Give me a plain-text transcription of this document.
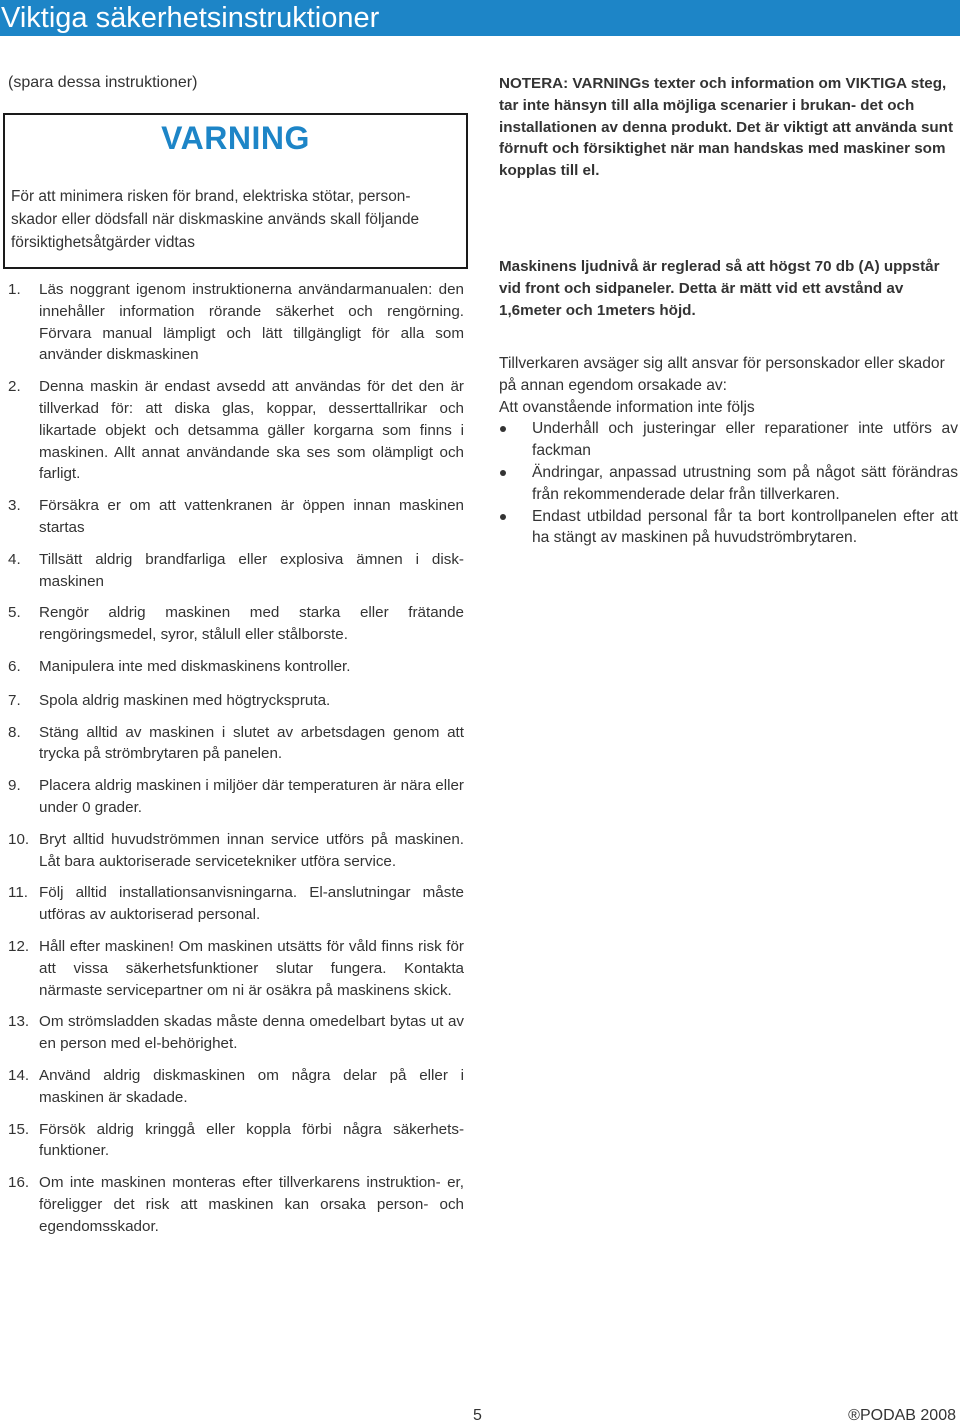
Viktiga säkerhetsinstruktioner
(spara dessa instruktioner)
VARNING
För att minimera risken för brand, elektriska stötar, person- skador eller dödsfall när diskmaskine används skall följande försiktighetsåtgärder vidtas
1. Läs noggrant igenom instruktionerna användarmanualen: den innehåller information rörande säkerhet och rengörning. Förvara manual lämpligt och lätt tillgängligt för alla som använder diskmaskinen
2. Denna maskin är endast avsedd att användas för det den är tillverkad för: att diska glas, koppar, desserttallrikar och likartade objekt och detsamma gäller korgarna som finns i maskinen. Allt annat användande ska ses som olämpligt och farligt.
3. Försäkra er om att vattenkranen är öppen innan maskinen startas
4. Tillsätt aldrig brandfarliga eller explosiva ämnen i disk- maskinen
5. Rengör aldrig maskinen med starka eller frätande rengöringsmedel, syror, stålull eller stålborste.
6. Manipulera inte med diskmaskinens kontroller.
7. Spola aldrig maskinen med högtryckspruta.
8. Stäng alltid av maskinen i slutet av arbetsdagen genom att trycka på strömbrytaren på panelen.
9. Placera aldrig maskinen i miljöer där temperaturen är nära eller under 0 grader.
10. Bryt alltid huvudströmmen innan service utförs på maskinen. Låt bara auktoriserade servicetekniker utföra service.
11. Följ alltid installationsanvisningarna. El-anslutningar måste utföras av auktoriserad personal.
12. Håll efter maskinen! Om maskinen utsätts för våld finns risk för att vissa säkerhetsfunktioner slutar fungera. Kontakta närmaste servicepartner om ni är osäkra på maskinens skick.
13. Om strömsladden skadas måste denna omedelbart bytas ut av en person med el-behörighet.
14. Använd aldrig diskmaskinen om några delar på eller i maskinen är skadade.
15. Försök aldrig kringgå eller koppla förbi några säkerhets- funktioner.
16. Om inte maskinen monteras efter tillverkarens instruktion- er, föreligger det risk att maskinen kan orsaka person- och egendomsskador.
NOTERA: VARNINGs texter och information om VIKTIGA steg, tar inte hänsyn till alla möjliga scenarier i brukan- det och installationen av denna produkt. Det är viktigt att använda sunt förnuft och försiktighet när man handskas med maskiner som kopplas till el.
Maskinens ljudnivå är reglerad så att högst 70 db (A) uppstår vid front och sidpaneler. Detta är mätt vid ett avstånd av 1,6meter och 1meters höjd.
Tillverkaren avsäger sig allt ansvar för personskador eller skador på annan egendom orsakade av:
Att ovanstående information inte följs
Underhåll och justeringar eller reparationer inte utförs av fackman
Ändringar, anpassad utrustning som på något sätt förändras från rekommenderade delar från tillverkaren.
Endast utbildad personal får ta bort kontrollpanelen efter att ha stängt av maskinen på huvudströmbrytaren.
5	®PODAB 2008
